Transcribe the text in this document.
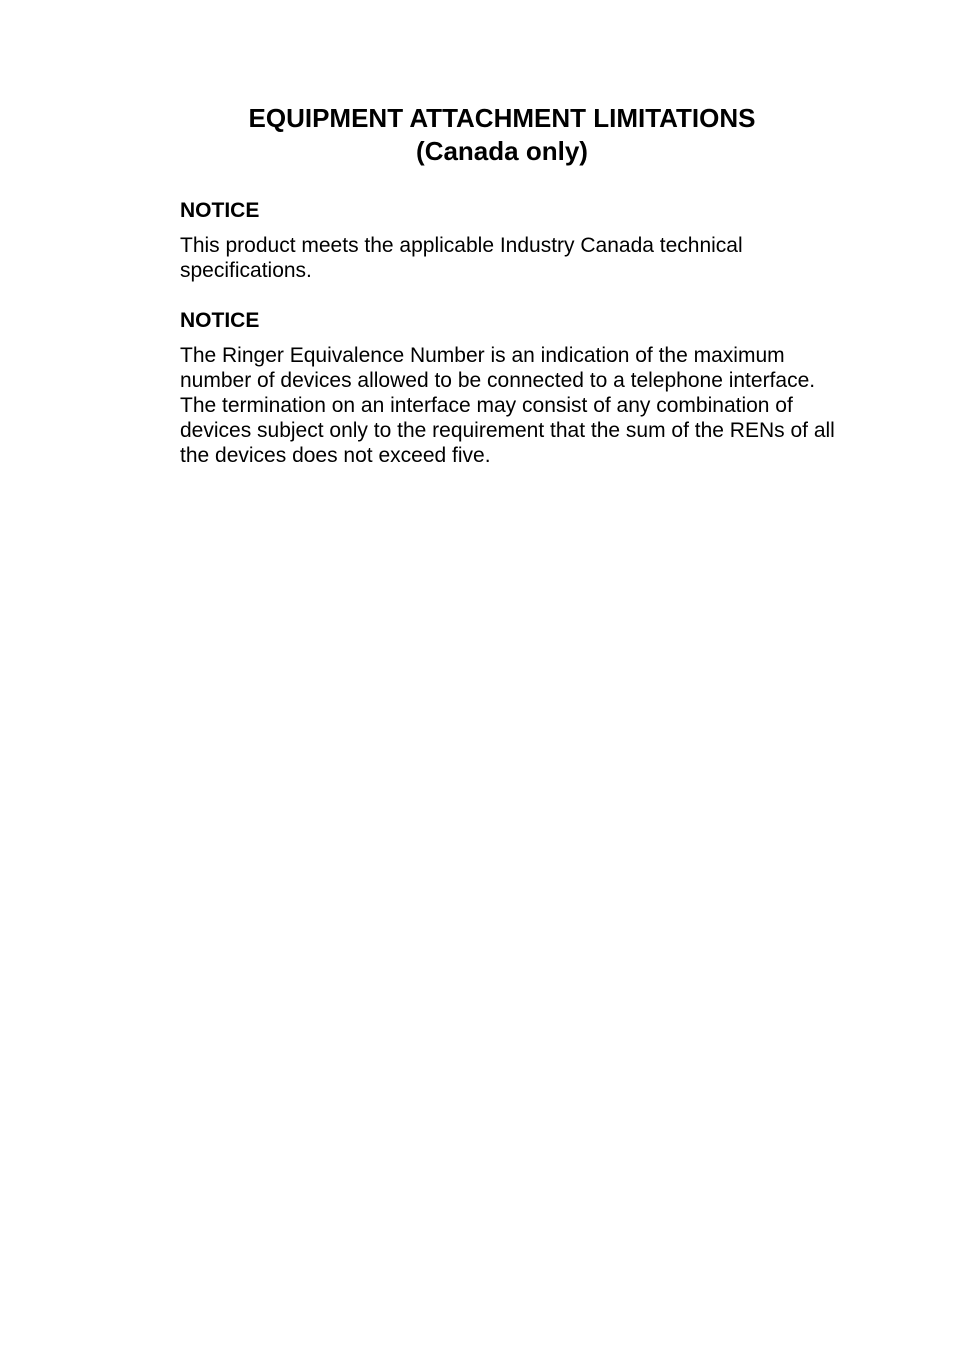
EQUIPMENT ATTACHMENT LIMITATIONS
(Canada only)

NOTICE

This product meets the applicable Industry Canada technical
specifications.

NOTICE

The Ringer Equivalence Number is an indication of the maximum
number of devices allowed to be connected to a telephone interface.
The termination on an interface may consist of any combination of
devices subject only to the requirement that the sum of the RENs of all
the devices does not exceed five.
